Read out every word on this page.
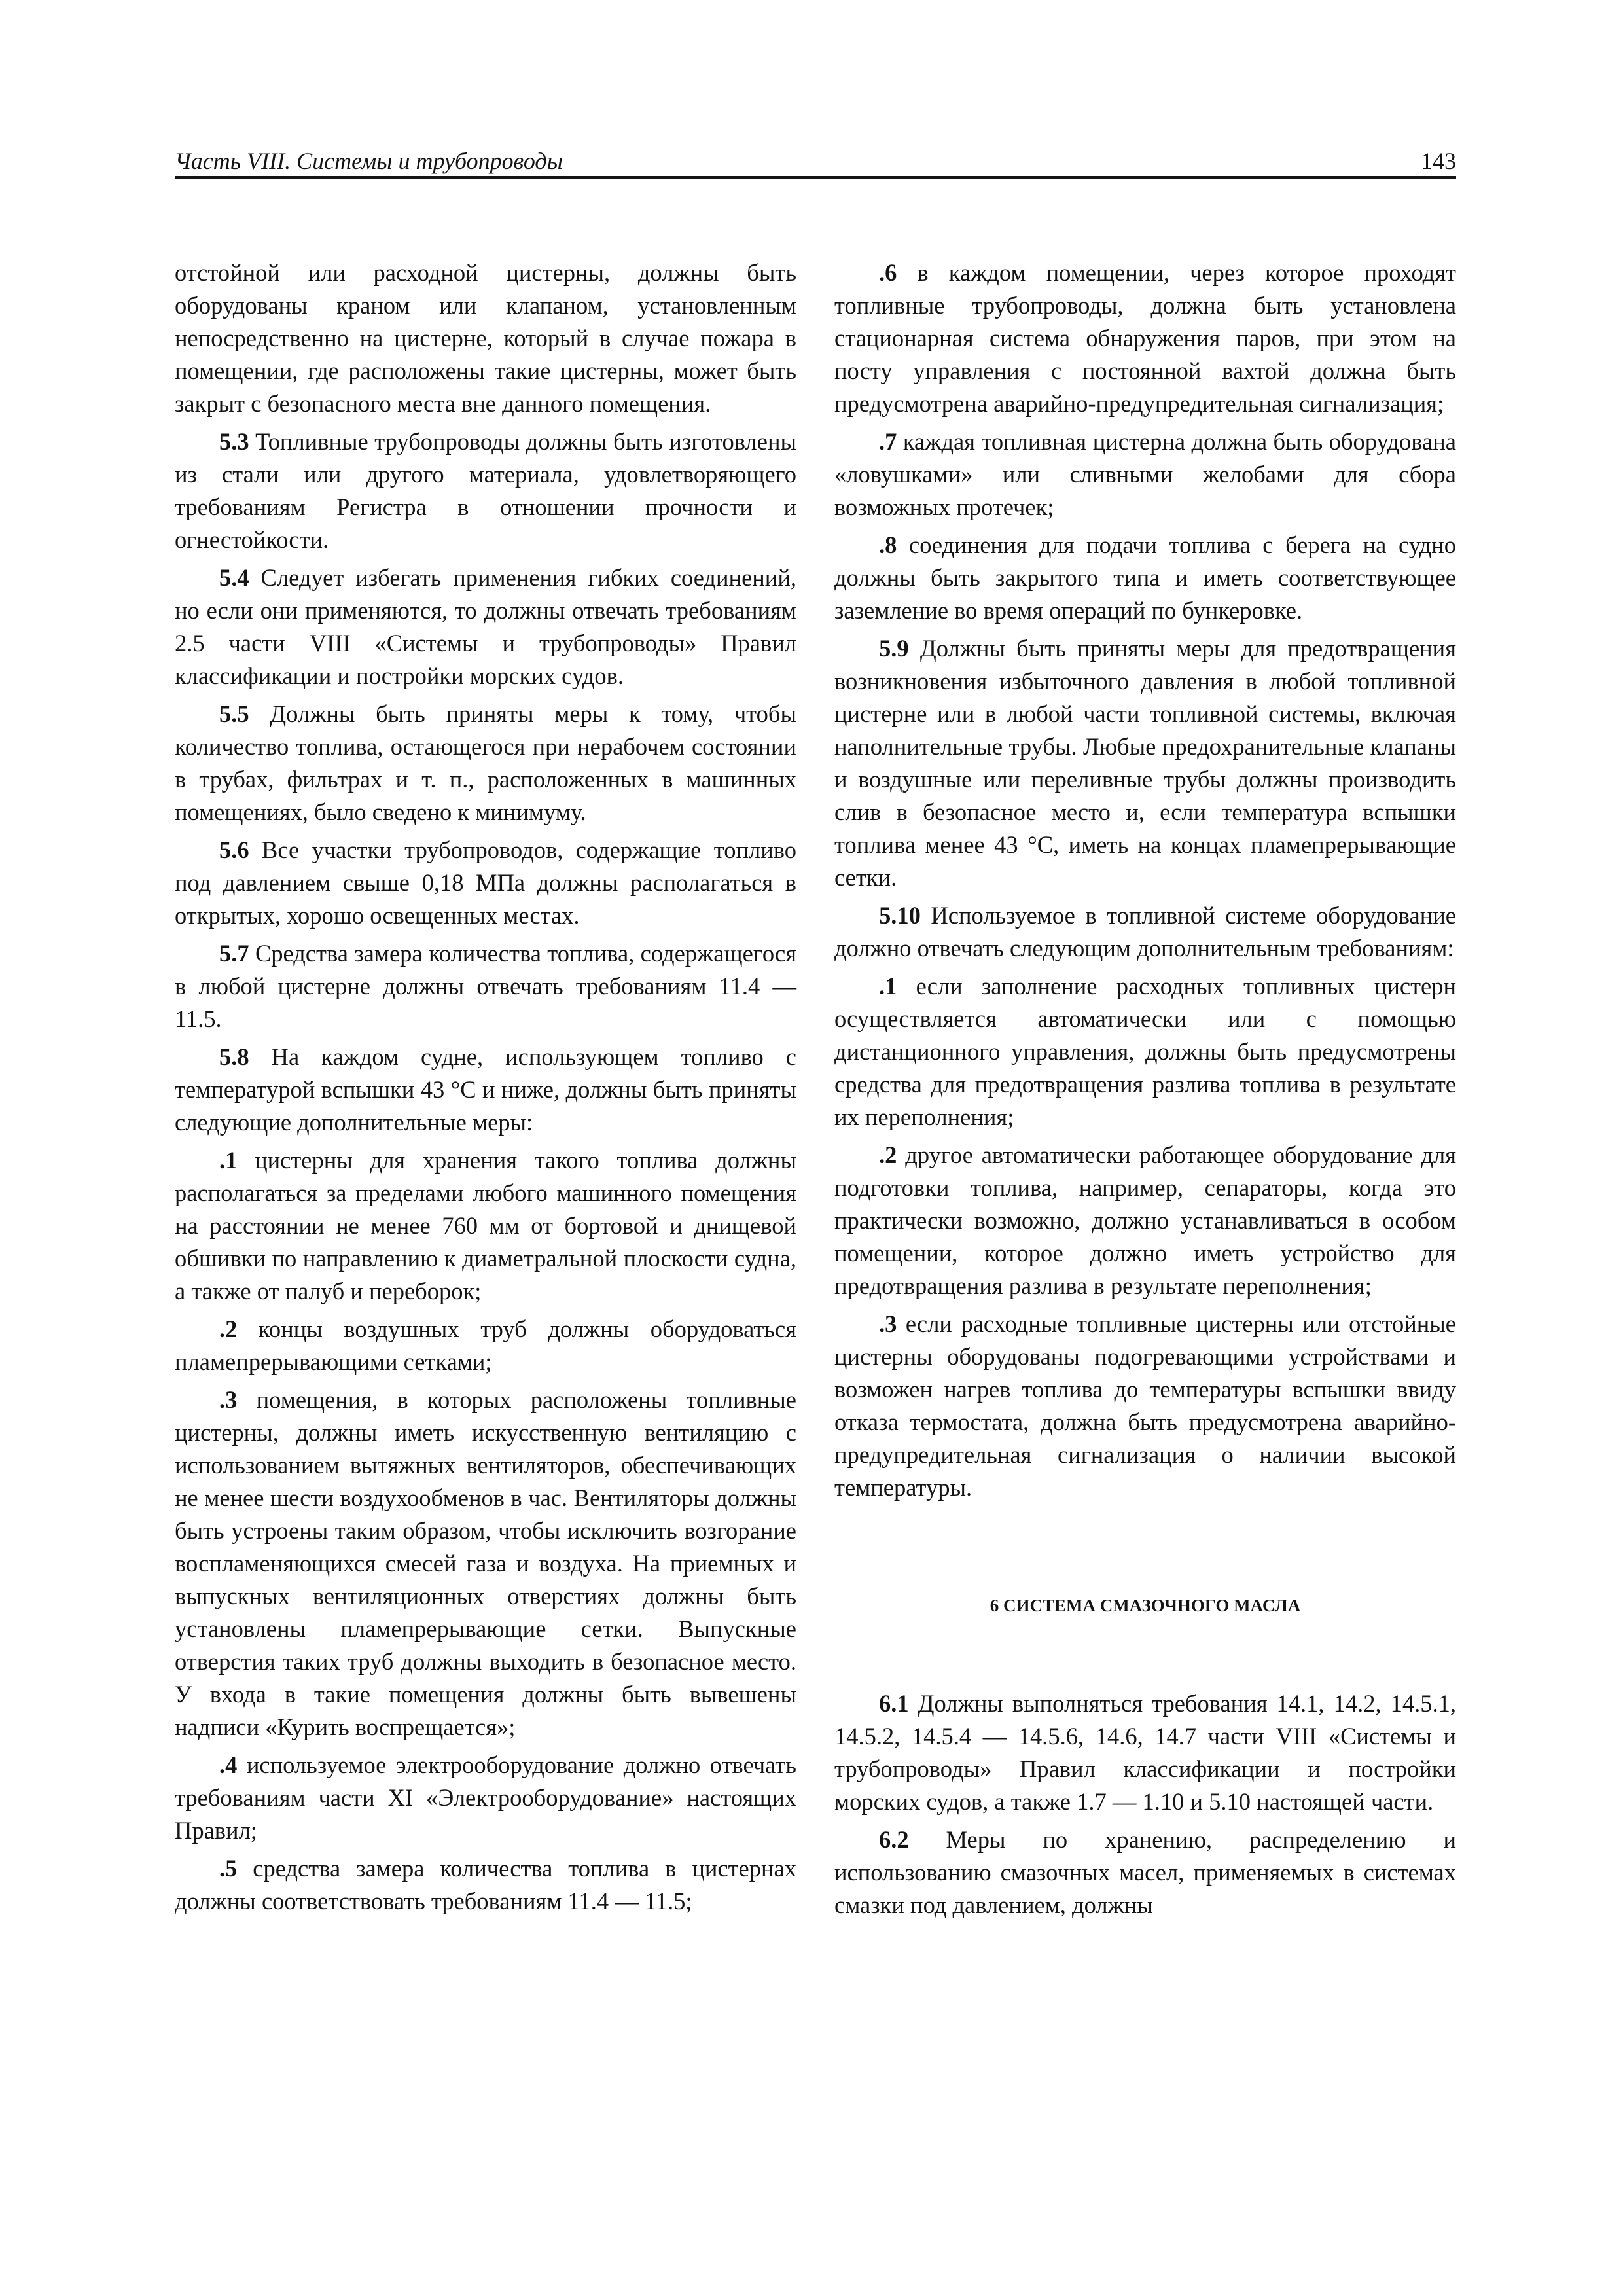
Часть VIII. Системы и трубопроводы	143

отстойной или расходной цистерны, должны быть оборудованы краном или клапаном, установленным непосредственно на цистерне, который в случае пожара в помещении, где расположены такие цистерны, может быть закрыт с безопасного места вне данного помещения.

5.3 Топливные трубопроводы должны быть изготовлены из стали или другого материала, удовлетворяющего требованиям Регистра в отношении прочности и огнестойкости.

5.4 Следует избегать применения гибких соединений, но если они применяются, то должны отвечать требованиям 2.5 части VIII «Системы и трубопроводы» Правил классификации и постройки морских судов.

5.5 Должны быть приняты меры к тому, чтобы количество топлива, остающегося при нерабочем состоянии в трубах, фильтрах и т. п., расположенных в машинных помещениях, было сведено к минимуму.

5.6 Все участки трубопроводов, содержащие топливо под давлением свыше 0,18 МПа должны располагаться в открытых, хорошо освещенных местах.

5.7 Средства замера количества топлива, содержащегося в любой цистерне должны отвечать требованиям 11.4 — 11.5.

5.8 На каждом судне, использующем топливо с температурой вспышки 43 °С и ниже, должны быть приняты следующие дополнительные меры:

.1 цистерны для хранения такого топлива должны располагаться за пределами любого машинного помещения на расстоянии не менее 760 мм от бортовой и днищевой обшивки по направлению к диаметральной плоскости судна, а также от палуб и переборок;

.2 концы воздушных труб должны оборудоваться пламепрерывающими сетками;

.3 помещения, в которых расположены топливные цистерны, должны иметь искусственную вентиляцию с использованием вытяжных вентиляторов, обеспечивающих не менее шести воздухообменов в час. Вентиляторы должны быть устроены таким образом, чтобы исключить возгорание воспламеняющихся смесей газа и воздуха. На приемных и выпускных вентиляционных отверстиях должны быть установлены пламепрерывающие сетки. Выпускные отверстия таких труб должны выходить в безопасное место. У входа в такие помещения должны быть вывешены надписи «Курить воспрещается»;

.4 используемое электрооборудование должно отвечать требованиям части XI «Электрооборудование» настоящих Правил;

.5 средства замера количества топлива в цистернах должны соответствовать требованиям 11.4 — 11.5;

.6 в каждом помещении, через которое проходят топливные трубопроводы, должна быть установлена стационарная система обнаружения паров, при этом на посту управления с постоянной вахтой должна быть предусмотрена аварийно-предупредительная сигнализация;

.7 каждая топливная цистерна должна быть оборудована «ловушками» или сливными желобами для сбора возможных протечек;

.8 соединения для подачи топлива с берега на судно должны быть закрытого типа и иметь соответствующее заземление во время операций по бункеровке.

5.9 Должны быть приняты меры для предотвращения возникновения избыточного давления в любой топливной цистерне или в любой части топливной системы, включая наполнительные трубы. Любые предохранительные клапаны и воздушные или переливные трубы должны производить слив в безопасное место и, если температура вспышки топлива менее 43 °С, иметь на концах пламепрерывающие сетки.

5.10 Используемое в топливной системе оборудование должно отвечать следующим дополнительным требованиям:

.1 если заполнение расходных топливных цистерн осуществляется автоматически или с помощью дистанционного управления, должны быть предусмотрены средства для предотвращения разлива топлива в результате их переполнения;

.2 другое автоматически работающее оборудование для подготовки топлива, например, сепараторы, когда это практически возможно, должно устанавливаться в особом помещении, которое должно иметь устройство для предотвращения разлива в результате переполнения;

.3 если расходные топливные цистерны или отстойные цистерны оборудованы подогревающими устройствами и возможен нагрев топлива до температуры вспышки ввиду отказа термостата, должна быть предусмотрена аварийно-предупредительная сигнализация о наличии высокой температуры.

6 СИСТЕМА СМАЗОЧНОГО МАСЛА

6.1 Должны выполняться требования 14.1, 14.2, 14.5.1, 14.5.2, 14.5.4 — 14.5.6, 14.6, 14.7 части VIII «Системы и трубопроводы» Правил классификации и постройки морских судов, а также 1.7 — 1.10 и 5.10 настоящей части.

6.2 Меры по хранению, распределению и использованию смазочных масел, применяемых в системах смазки под давлением, должны
